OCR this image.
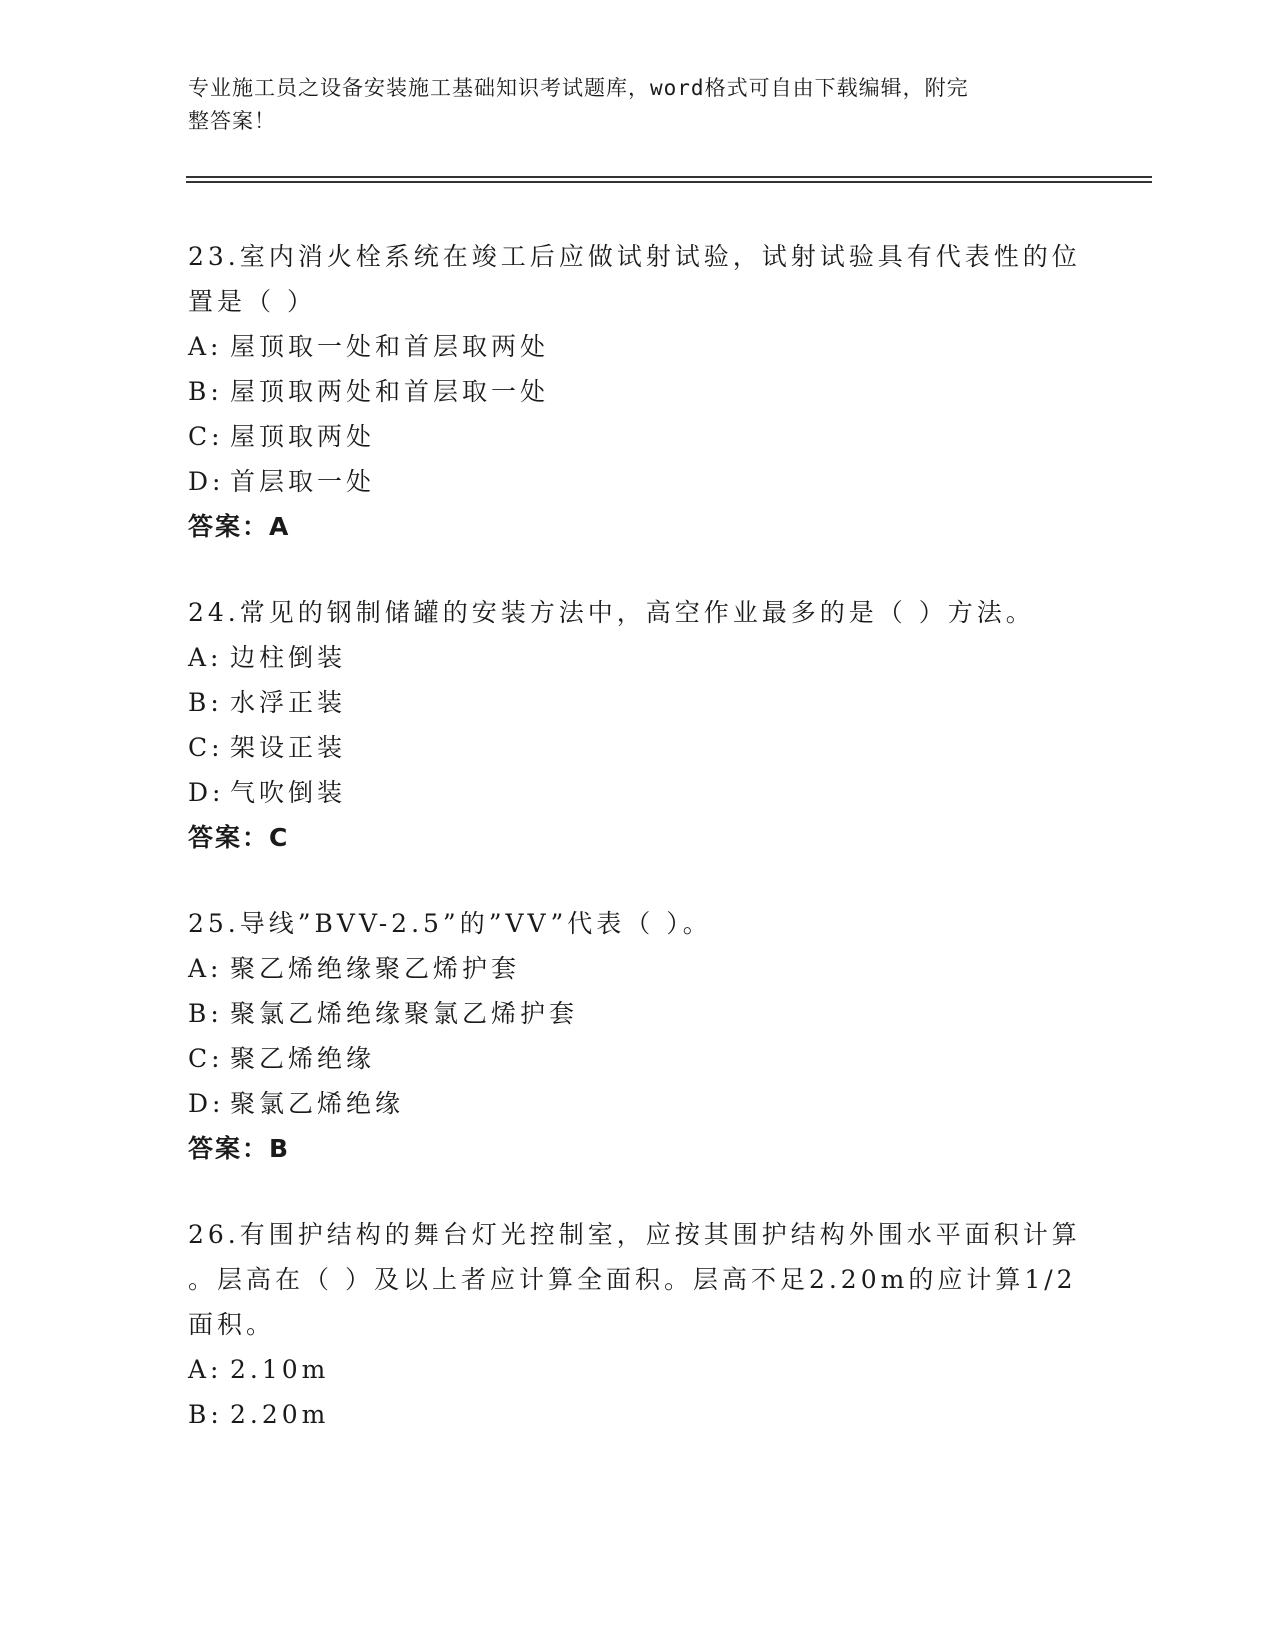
专业施工员之设备安装施工基础知识考试题库，word格式可自由下载编辑，附完
整答案！
23.室内消火栓系统在竣工后应做试射试验，试射试验具有代表性的位
置是（ ）
A: 屋顶取一处和首层取两处
B: 屋顶取两处和首层取一处
C: 屋顶取两处
D: 首层取一处
答案：A
24.常见的钢制储罐的安装方法中，高空作业最多的是（ ）方法。
A: 边柱倒装
B: 水浮正装
C: 架设正装
D: 气吹倒装
答案：C
25.导线”BVV-2.5”的”VV”代表（ ）。
A: 聚乙烯绝缘聚乙烯护套
B: 聚氯乙烯绝缘聚氯乙烯护套
C: 聚乙烯绝缘
D: 聚氯乙烯绝缘
答案：B
26.有围护结构的舞台灯光控制室，应按其围护结构外围水平面积计算
。层高在（ ）及以上者应计算全面积。层高不足2.20m的应计算1/2
面积。
A: 2.10m
B: 2.20m
